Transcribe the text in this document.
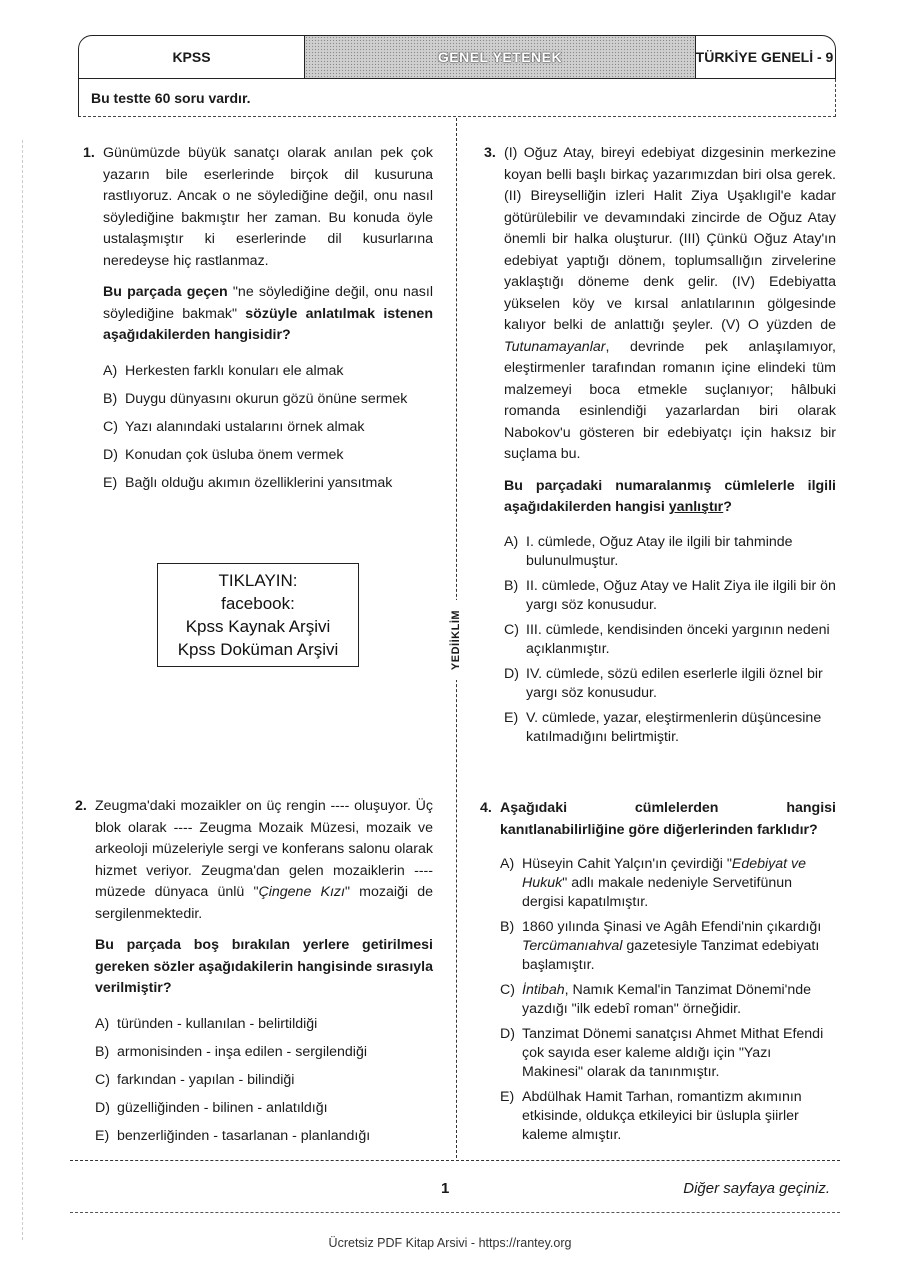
KPSS	GENEL YETENEK	TÜRKİYE GENELİ - 9
Bu testte 60 soru vardır.
YEDİİKLİM
1. Günümüzde büyük sanatçı olarak anılan pek çok yazarın bile eserlerinde birçok dil kusuruna rastlıyoruz. Ancak o ne söylediğine değil, onu nasıl söylediğine bakmıştır her zaman. Bu konuda öyle ustalaşmıştır ki eserlerinde dil kusurlarına neredeyse hiç rastlanmaz.

Bu parçada geçen "ne söylediğine değil, onu nasıl söylediğine bakmak" sözüyle anlatılmak istenen aşağıdakilerden hangisidir?

A) Herkesten farklı konuları ele almak
B) Duygu dünyasını okurun gözü önüne sermek
C) Yazı alanındaki ustalarını örnek almak
D) Konudan çok üsluba önem vermek
E) Bağlı olduğu akımın özelliklerini yansıtmak
TIKLAYIN:
facebook:
Kpss Kaynak Arşivi
Kpss Doküman Arşivi
2. Zeugma'daki mozaikler on üç rengin ---- oluşuyor. Üç blok olarak ---- Zeugma Mozaik Müzesi, mozaik ve arkeoloji müzeleriyle sergi ve konferans salonu olarak hizmet veriyor. Zeugma'dan gelen mozaiklerin ---- müzede dünyaca ünlü "Çingene Kızı" mozaiği de sergilenmektedir.

Bu parçada boş bırakılan yerlere getirilmesi gereken sözler aşağıdakilerin hangisinde sırasıyla verilmiştir?

A) türünden - kullanılan - belirtildiği
B) armonisinden - inşa edilen - sergilendiği
C) farkından - yapılan - bilindiği
D) güzelliğinden - bilinen - anlatıldığı
E) benzerliğinden - tasarlanan - planlandığı
3. (I) Oğuz Atay, bireyi edebiyat dizgesinin merkezine koyan belli başlı birkaç yazarımızdan biri olsa gerek. (II) Bireyselliğin izleri Halit Ziya Uşaklıgil'e kadar götürülebilir ve devamındaki zincirde de Oğuz Atay önemli bir halka oluşturur. (III) Çünkü Oğuz Atay'ın edebiyat yaptığı dönem, toplumsallığın zirvelerine yaklaştığı döneme denk gelir. (IV) Edebiyatta yükselen köy ve kırsal anlatılarının gölgesinde kalıyor belki de anlattığı şeyler. (V) O yüzden de Tutunamayanlar, devrinde pek anlaşılamıyor, eleştirmenler tarafından romanın içine elindeki tüm malzemeyi boca etmekle suçlanıyor; hâlbuki romanda esinlendiği yazarlardan biri olarak Nabokov'u gösteren bir edebiyatçı için haksız bir suçlama bu.

Bu parçadaki numaralanmış cümlelerle ilgili aşağıdakilerden hangisi yanlıştır?

A) I. cümlede, Oğuz Atay ile ilgili bir tahminde bulunulmuştur.
B) II. cümlede, Oğuz Atay ve Halit Ziya ile ilgili bir ön yargı söz konusudur.
C) III. cümlede, kendisinden önceki yargının nedeni açıklanmıştır.
D) IV. cümlede, sözü edilen eserlerle ilgili öznel bir yargı söz konusudur.
E) V. cümlede, yazar, eleştirmenlerin düşüncesine katılmadığını belirtmiştir.
4. Aşağıdaki cümlelerden hangisi kanıtlanabilirliğine göre diğerlerinden farklıdır?

A) Hüseyin Cahit Yalçın'ın çevirdiği "Edebiyat ve Hukuk" adlı makale nedeniyle Servetifünun dergisi kapatılmıştır.
B) 1860 yılında Şinasi ve Agâh Efendi'nin çıkardığı Tercümanıahval gazetesiyle Tanzimat edebiyatı başlamıştır.
C) İntibah, Namık Kemal'in Tanzimat Dönemi'nde yazdığı "ilk edebî roman" örneğidir.
D) Tanzimat Dönemi sanatçısı Ahmet Mithat Efendi çok sayıda eser kaleme aldığı için "Yazı Makinesi" olarak da tanınmıştır.
E) Abdülhak Hamit Tarhan, romantizm akımının etkisinde, oldukça etkileyici bir üslupla şiirler kaleme almıştır.
1	Diğer sayfaya geçiniz.
Ücretsiz PDF Kitap Arsivi - https://rantey.org
